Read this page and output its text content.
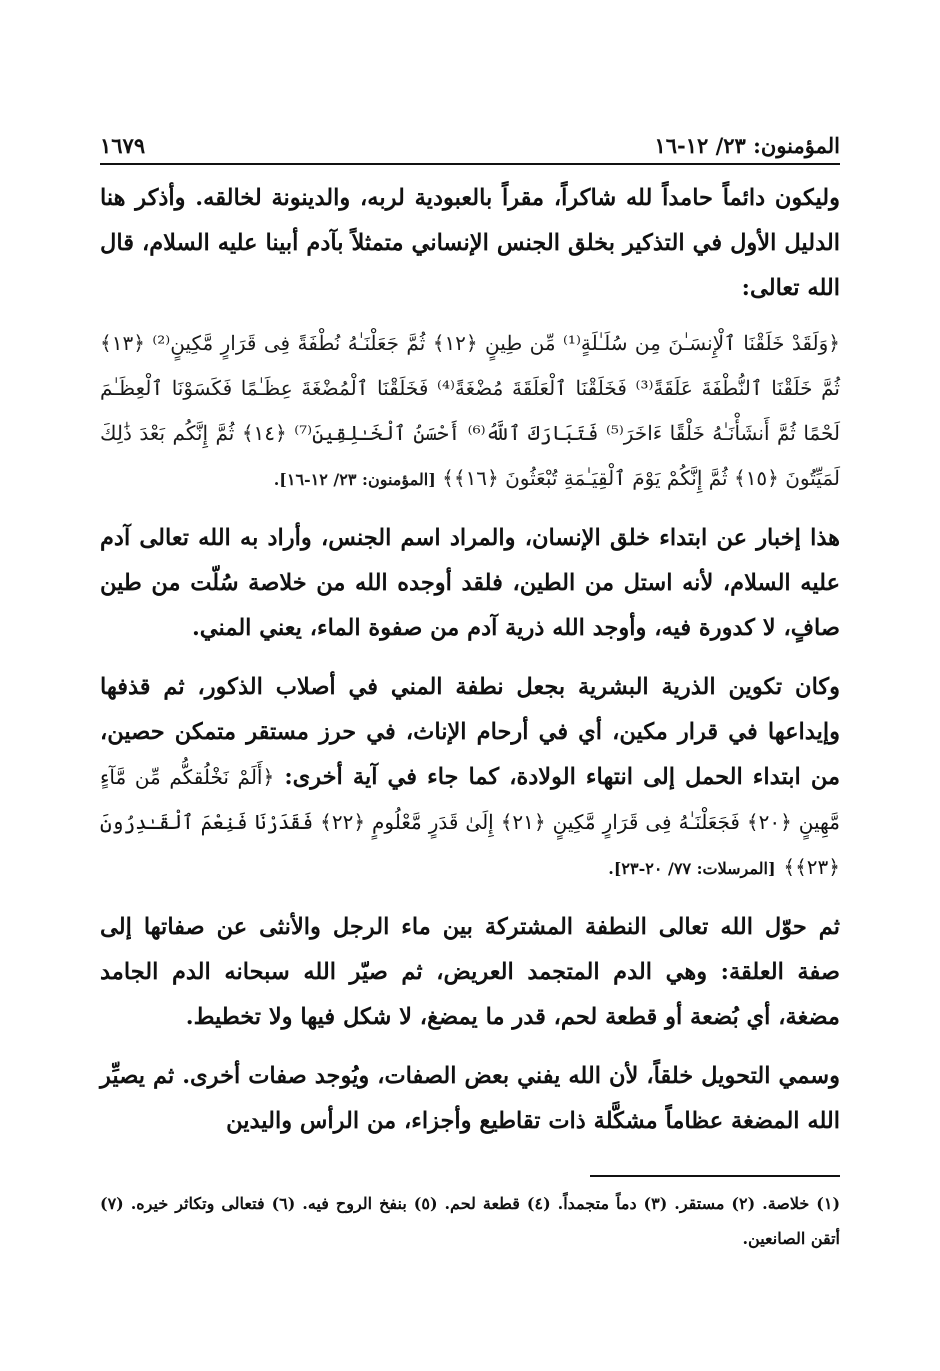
المؤمنون: ٢٣/ ١٢-١٦
١٦٧٩

وليكون دائماً حامداً لله شاكراً، مقراً بالعبودية لربه، والدينونة لخالقه. وأذكر هنا الدليل الأول في التذكير بخلق الجنس الإنساني متمثلاً بآدم أبينا عليه السلام، قال الله تعالى:

﴿وَلَقَدْ خَلَقْنَا ٱلْإِنسَـٰنَ مِن سُلَـٰلَةٍ⁽¹⁾ مِّن طِينٍ ﴿١٢﴾ ثُمَّ جَعَلْنَـٰهُ نُطْفَةً فِى قَرَارٍ مَّكِينٍ⁽²⁾ ﴿١٣﴾ ثُمَّ خَلَقْنَا ٱلنُّطْفَةَ عَلَقَةً⁽³⁾ فَخَلَقْنَا ٱلْعَلَقَةَ مُضْغَةً⁽⁴⁾ فَخَلَقْنَا ٱلْمُضْغَةَ عِظَـٰمًا فَكَسَوْنَا ٱلْعِظَـٰمَ لَحْمًا ثُمَّ أَنشَأْنَـٰهُ خَلْقًا ءَاخَرَ⁽⁵⁾ فَتَبَارَكَ ٱللَّهُ⁽⁶⁾ أَحْسَنُ ٱلْخَـٰلِقِينَ⁽⁷⁾ ﴿١٤﴾ ثُمَّ إِنَّكُم بَعْدَ ذَٰلِكَ لَمَيِّتُونَ ﴿١٥﴾ ثُمَّ إِنَّكُمْ يَوْمَ ٱلْقِيَـٰمَةِ تُبْعَثُونَ ﴿١٦﴾﴾ [المؤمنون: ٢٣/ ١٢-١٦].

هذا إخبار عن ابتداء خلق الإنسان، والمراد اسم الجنس، وأراد به الله تعالى آدم عليه السلام، لأنه استل من الطين، فلقد أوجده الله من خلاصة سُلّت من طين صافٍ، لا كدورة فيه، وأوجد الله ذرية آدم من صفوة الماء، يعني المني.

وكان تكوين الذرية البشرية بجعل نطفة المني في أصلاب الذكور، ثم قذفها وإيداعها في قرار مكين، أي في أرحام الإناث، في حرز مستقر متمكن حصين، من ابتداء الحمل إلى انتهاء الولادة، كما جاء في آية أخرى: ﴿أَلَمْ نَخْلُقكُّم مِّن مَّآءٍ مَّهِينٍ ﴿٢٠﴾ فَجَعَلْنَـٰهُ فِى قَرَارٍ مَّكِينٍ ﴿٢١﴾ إِلَىٰ قَدَرٍ مَّعْلُومٍ ﴿٢٢﴾ فَقَدَرْنَا فَنِعْمَ ٱلْقَـٰدِرُونَ ﴿٢٣﴾﴾ [المرسلات: ٧٧/ ٢٠-٢٣].

ثم حوّل الله تعالى النطفة المشتركة بين ماء الرجل والأنثى عن صفاتها إلى صفة العلقة: وهي الدم المتجمد العريض، ثم صيّر الله سبحانه الدم الجامد مضغة، أي بُضعة أو قطعة لحم، قدر ما يمضغ، لا شكل فيها ولا تخطيط.

وسمي التحويل خلقاً، لأن الله يفني بعض الصفات، ويُوجد صفات أخرى. ثم يصيِّر الله المضغة عظاماً مشكَّلة ذات تقاطيع وأجزاء، من الرأس واليدين

(١) خلاصة. (٢) مستقر. (٣) دماً متجمداً. (٤) قطعة لحم. (٥) بنفخ الروح فيه. (٦) فتعالى وتكاثر خيره. (٧) أتقن الصانعين.
